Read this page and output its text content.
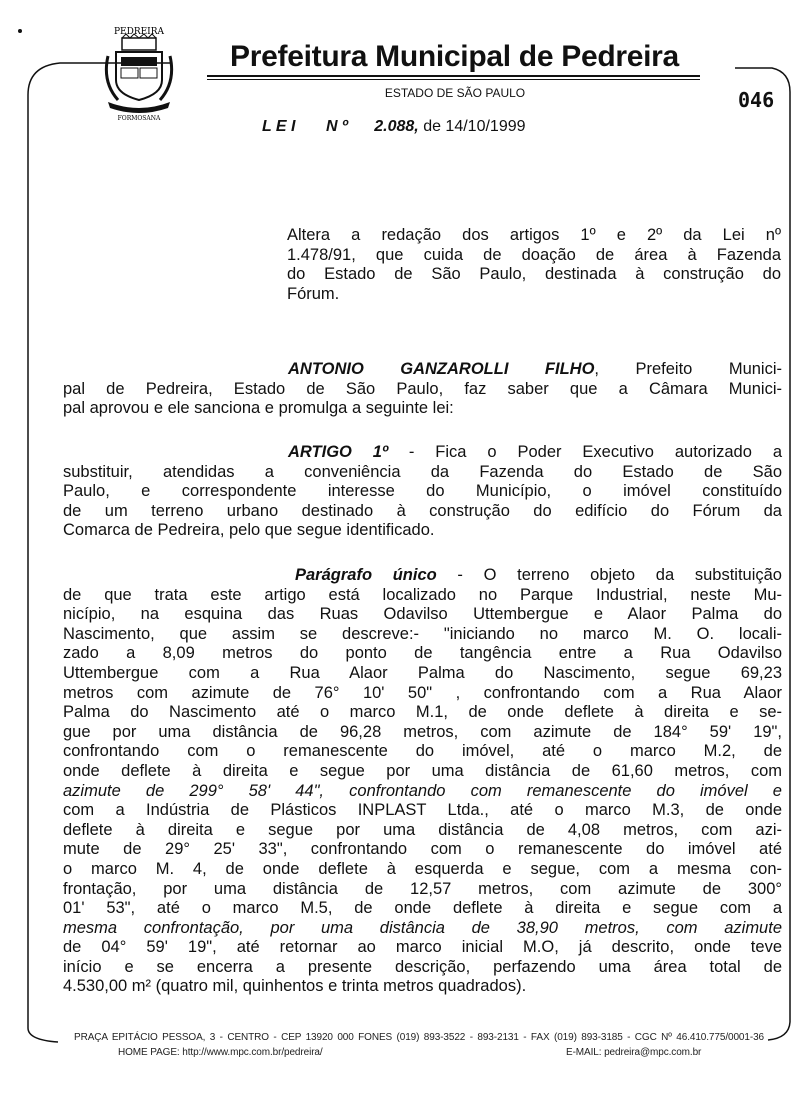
PEDREIRA
FORMOSANA
Prefeitura Municipal de Pedreira
ESTADO DE SÃO PAULO	046
L E I N º 2.088, de 14/10/1999
Altera a redação dos artigos 1º e 2º da Lei nº
1.478/91, que cuida de doação de área à Fazenda
do Estado de São Paulo, destinada à construção do
Fórum.
ANTONIO GANZAROLLI FILHO, Prefeito Munici-
pal de Pedreira, Estado de São Paulo, faz saber que a Câmara Munici-
pal aprovou e ele sanciona e promulga a seguinte lei:
ARTIGO 1º - Fica o Poder Executivo autorizado a
substituir, atendidas a conveniência da Fazenda do Estado de São
Paulo, e correspondente interesse do Município, o imóvel constituído
de um terreno urbano destinado à construção do edifício do Fórum da
Comarca de Pedreira, pelo que segue identificado.
Parágrafo único - O terreno objeto da substituição
de que trata este artigo está localizado no Parque Industrial, neste Mu-
nicípio, na esquina das Ruas Odavilso Uttembergue e Alaor Palma do
Nascimento, que assim se descreve:- "iniciando no marco M. O. locali-
zado a 8,09 metros do ponto de tangência entre a Rua Odavilso
Uttembergue com a Rua Alaor Palma do Nascimento, segue 69,23
metros com azimute de 76° 10' 50" , confrontando com a Rua Alaor
Palma do Nascimento até o marco M.1, de onde deflete à direita e se-
gue por uma distância de 96,28 metros, com azimute de 184° 59' 19",
confrontando com o remanescente do imóvel, até o marco M.2, de
onde deflete à direita e segue por uma distância de 61,60 metros, com
azimute de 299° 58' 44", confrontando com remanescente do imóvel e
com a Indústria de Plásticos INPLAST Ltda., até o marco M.3, de onde
deflete à direita e segue por uma distância de 4,08 metros, com azi-
mute de 29° 25' 33", confrontando com o remanescente do imóvel até
o marco M. 4, de onde deflete à esquerda e segue, com a mesma con-
frontação, por uma distância de 12,57 metros, com azimute de 300°
01' 53", até o marco M.5, de onde deflete à direita e segue com a
mesma confrontação, por uma distância de 38,90 metros, com azimute
de 04° 59' 19", até retornar ao marco inicial M.O, já descrito, onde teve
início e se encerra a presente descrição, perfazendo uma área total de
4.530,00 m² (quatro mil, quinhentos e trinta metros quadrados).
PRAÇA EPITÁCIO PESSOA, 3 - CENTRO - CEP 13920 000 FONES (019) 893-3522 - 893-2131 - FAX (019) 893-3185 - CGC Nº 46.410.775/0001-36
HOME PAGE: http://www.mpc.com.br/pedreira/	E-MAIL: pedreira@mpc.com.br
